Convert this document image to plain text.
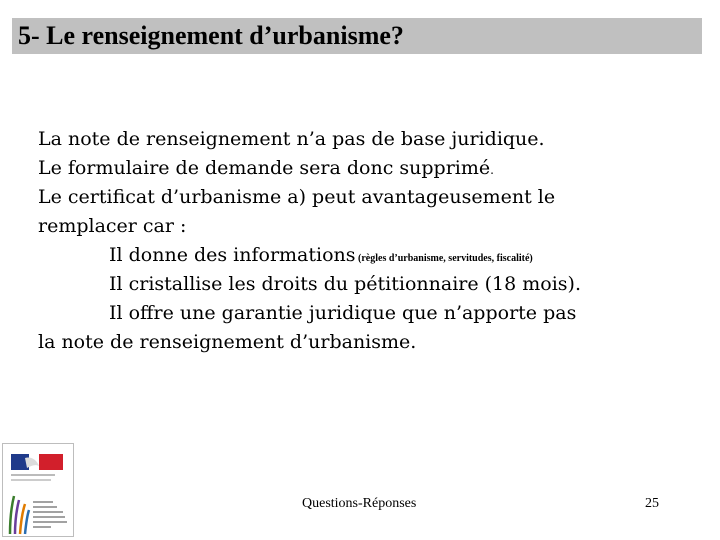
5- Le renseignement d’urbanisme?
La note de renseignement n’a pas de base juridique.
Le formulaire de demande sera donc supprimé.
Le certificat d’urbanisme a) peut avantageusement le
remplacer car :
Il donne des informations (règles d’urbanisme, servitudes, fiscalité)
Il cristallise les droits du pétitionnaire (18 mois).
Il offre une garantie juridique que n’apporte pas
la note de renseignement d’urbanisme.
Questions-Réponses	25
